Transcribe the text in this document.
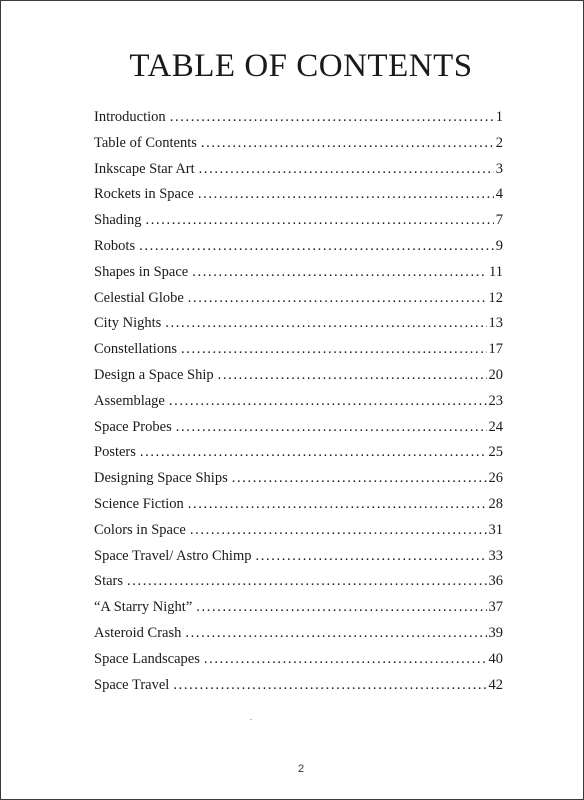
TABLE OF CONTENTS
Introduction . . .	1
Table of Contents . . .	2
Inkscape Star Art . . .	3
Rockets in Space . . .	4
Shading . . .	7
Robots . . .	9
Shapes in Space . . .	11
Celestial Globe . . .	12
City Nights . . .	13
Constellations . . .	17
Design a Space Ship . . .	20
Assemblage . . .	23
Space Probes . . .	24
Posters . . .	25
Designing Space Ships . . .	26
Science Fiction . . .	28
Colors in Space . . .	31
Space Travel/ Astro Chimp . . .	33
Stars . . .	36
“A Starry Night” . . .	37
Asteroid Crash . . .	39
Space Landscapes . . .	40
Space Travel . . .	42
2
